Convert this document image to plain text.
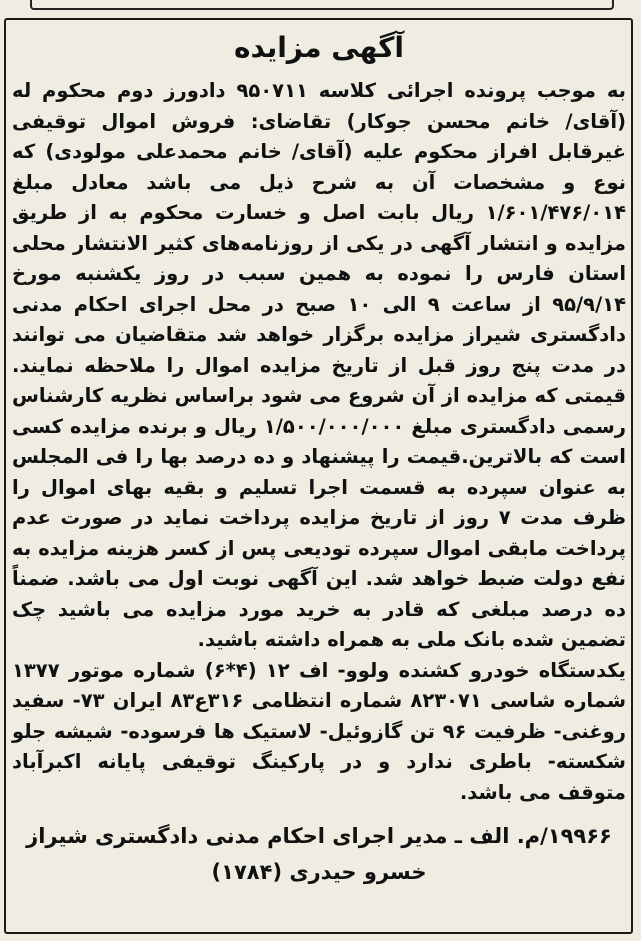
آگهی مزایده

به موجب پرونده اجرائی کلاسه ۹۵۰۷۱۱ دادورز دوم محکوم له (آقای/ خانم محسن جوکار) تقاضای: فروش اموال توقیفی غیرقابل افراز محکوم علیه (آقای/ خانم محمدعلی مولودی) که نوع و مشخصات آن به شرح ذیل می باشد معادل مبلغ ۱/۶۰۱/۴۷۶/۰۱۴ ریال بابت اصل و خسارت محکوم به از طریق مزایده و انتشار آگهی در یکی از روزنامه‌های کثیر الانتشار محلی استان فارس را نموده به همین سبب در روز یکشنبه مورخ ۹۵/۹/۱۴ از ساعت ۹ الی ۱۰ صبح در محل اجرای احکام مدنی دادگستری شیراز مزایده برگزار خواهد شد متقاضیان می توانند در مدت پنج روز قبل از تاریخ مزایده اموال را ملاحظه نمایند. قیمتی که مزایده از آن شروع می شود براساس نظریه کارشناس رسمی دادگستری مبلغ ۱/۵۰۰/۰۰۰/۰۰۰ ریال و برنده مزایده کسی است که بالاترین.قیمت را پیشنهاد و ده درصد بها را فی المجلس به عنوان سپرده به قسمت اجرا تسلیم و بقیه بهای اموال را ظرف مدت ۷ روز از تاریخ مزایده پرداخت نماید در صورت عدم پرداخت مابقی اموال سپرده تودیعی پس از کسر هزینه مزایده به نفع دولت ضبط خواهد شد. این آگهی نوبت اول می باشد. ضمناً ده درصد مبلغی که قادر به خرید مورد مزایده می باشید چک تضمین شده بانک ملی به همراه داشته باشید.

یکدستگاه خودرو کشنده ولوو- اف ۱۲ (۴*۶) شماره موتور ۱۳۷۷ شماره شاسی ۸۲۳۰۷۱ شماره انتظامی ۳۱۶ع۸۳ ایران ۷۳- سفید روغنی- ظرفیت ۹۶ تن گازوئیل- لاستیک ها فرسوده- شیشه جلو شکسته- باطری ندارد و در پارکینگ توقیفی پایانه اکبرآباد متوقف می باشد.

۱۹۹۶۶/م. الف ـ مدیر اجرای احکام مدنی دادگستری شیراز
خسرو حیدری (۱۷۸۴)
